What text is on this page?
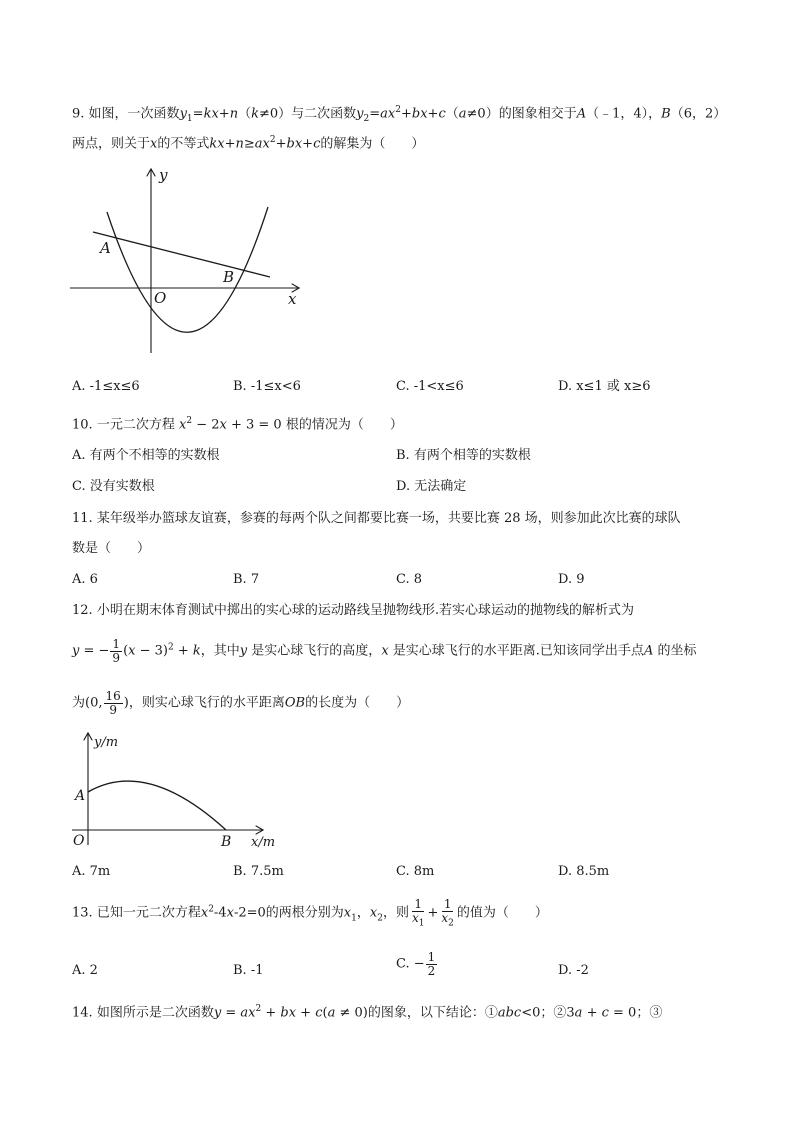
9. 如图，一次函数$y_1=kx+n(k\ne 0)$与二次函数$y_2=ax^2+bx+c(a\ne 0)$的图象相交于A（﹣1，4），B（6，2）
两点，则关于x的不等式$kx+n\ge ax^2+bx+c$的解集为（　　）
y
x
O
A
B
A. -1≤x≤6	B. -1≤x<6	C. -1<x≤6	D. x≤1 或 x≥6
10. 一元二次方程 $x^2 - 2x + 3 = 0$ 根的情况为（　　）
A. 有两个不相等的实数根	B. 有两个相等的实数根
C. 没有实数根	D. 无法确定
11. 某年级举办篮球友谊赛，参赛的每两个队之间都要比赛一场，共要比赛 28 场，则参加此次比赛的球队
数是（　　）
A. 6	B. 7	C. 8	D. 9
12. 小明在期末体育测试中掷出的实心球的运动路线呈抛物线形.若实心球运动的抛物线的解析式为
y = − $\frac{1}{9} (x - 3)^2 + k$，其中y 是实心球飞行的高度，x 是实心球飞行的水平距离.已知该同学出手点A 的坐标
为(0, $\frac{16}{9}$ )，则实心球飞行的水平距离OB的长度为（　　）
y/m
x/m
O
A
B
A. 7m	B. 7.5m	C. 8m	D. 8.5m
13. 已知一元二次方程$x^2-4x-2=0$的两根分别为$x_1$，$x_2$，则 $\frac{1}{x_1} + \frac{1}{x_2}$ 的值为（　　）
A. 2	B. -1	C. − $\frac{1}{2}$	D. -2
14. 如图所示是二次函数$y = ax^2$ + bx + c(a ≠ 0)的图象，以下结论：①abc<0；②3a + c = 0；③
